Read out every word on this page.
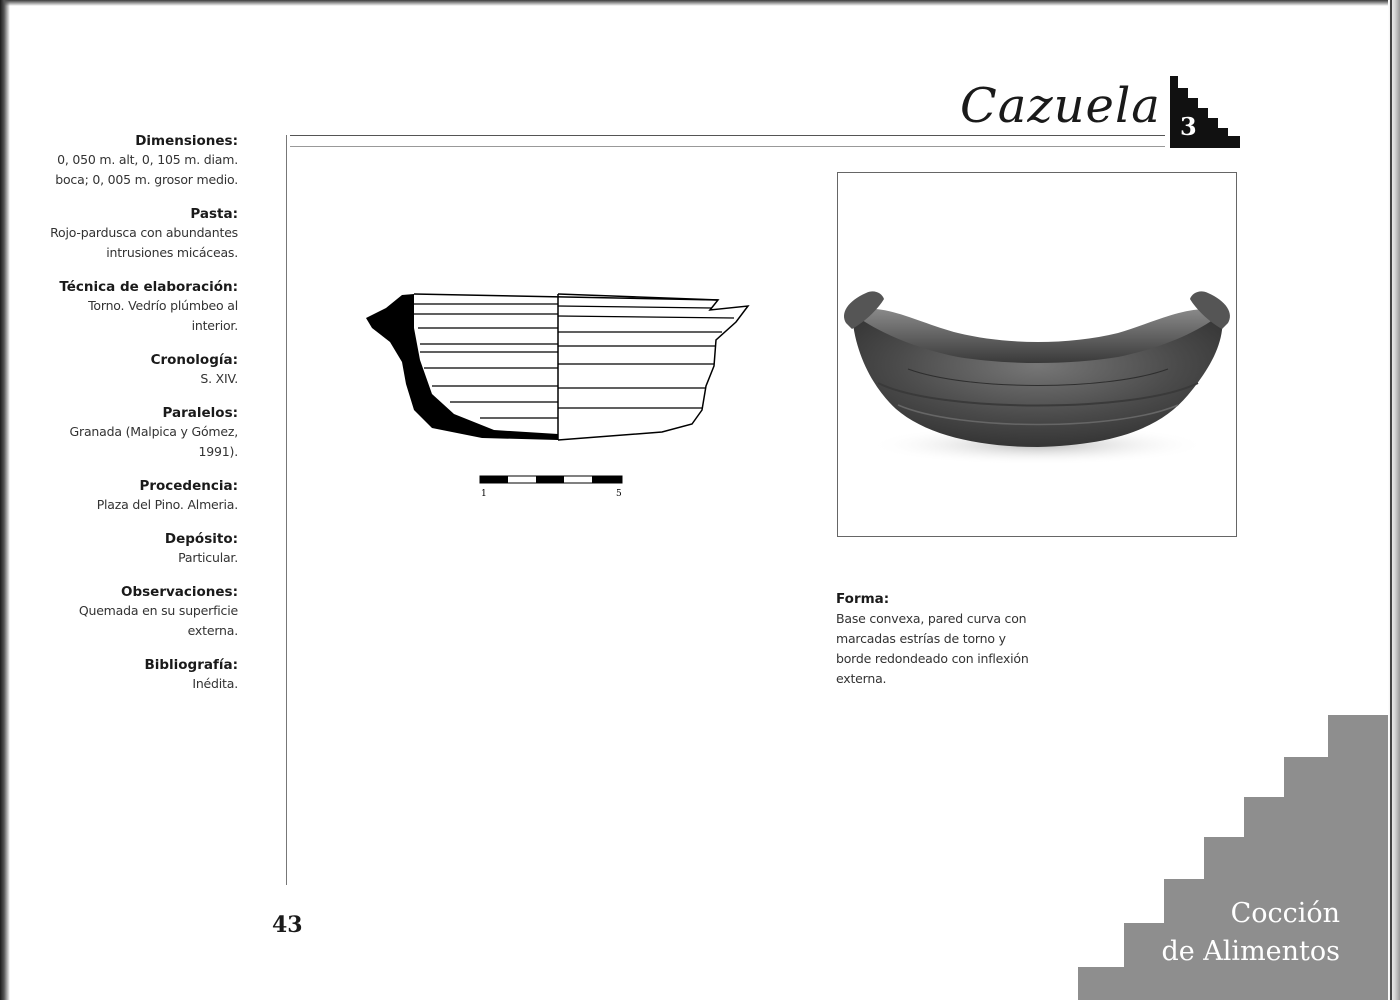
Dimensiones:
0, 050 m. alt, 0, 105 m. diam.
boca; 0, 005 m. grosor medio.
Pasta:
Rojo-pardusca con abundantes
intrusiones micáceas.
Técnica de elaboración:
Torno. Vedrío plúmbeo al
interior.
Cronología:
S. XIV.
Paralelos:
Granada (Malpica y Gómez,
1991).
Procedencia:
Plaza del Pino. Almeria.
Depósito:
Particular.
Observaciones:
Quemada en su superficie
externa.
Bibliografía:
Inédita.
Cazuela 3
1	5
Forma:
Base convexa, pared curva con
marcadas estrías de torno y
borde redondeado con inflexión
externa.
43	Cocción
de Alimentos
